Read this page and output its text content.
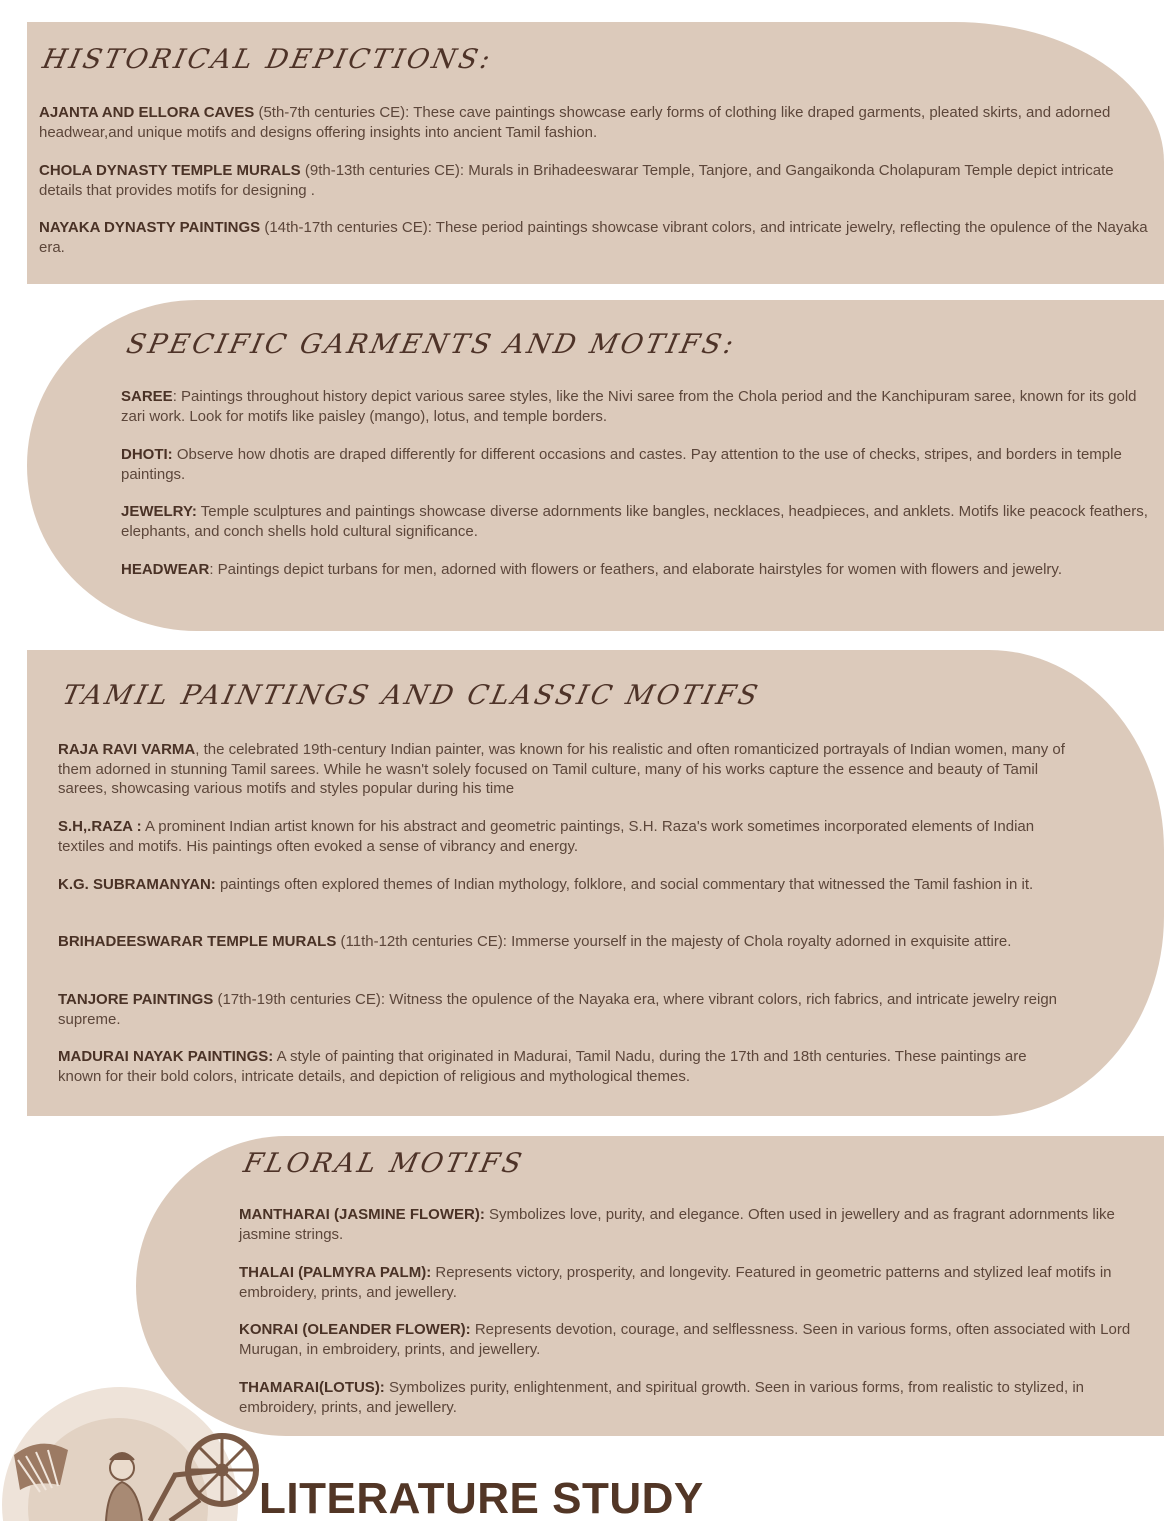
HISTORICAL DEPICTIONS:

AJANTA AND ELLORA CAVES (5th-7th centuries CE): These cave paintings showcase early forms of clothing like draped garments, pleated skirts, and adorned headwear,and unique motifs and designs offering insights into ancient Tamil fashion.

CHOLA DYNASTY TEMPLE MURALS (9th-13th centuries CE): Murals in Brihadeeswarar Temple, Tanjore, and Gangaikonda Cholapuram Temple depict intricate details that provides motifs for designing .

NAYAKA DYNASTY PAINTINGS (14th-17th centuries CE): These period paintings showcase vibrant colors, and intricate jewelry, reflecting the opulence of the Nayaka era.

SPECIFIC GARMENTS AND MOTIFS:

SAREE: Paintings throughout history depict various saree styles, like the Nivi saree from the Chola period and the Kanchipuram saree, known for its gold zari work. Look for motifs like paisley (mango), lotus, and temple borders.

DHOTI: Observe how dhotis are draped differently for different occasions and castes. Pay attention to the use of checks, stripes, and borders in temple paintings.

JEWELRY: Temple sculptures and paintings showcase diverse adornments like bangles, necklaces, headpieces, and anklets. Motifs like peacock feathers, elephants, and conch shells hold cultural significance.

HEADWEAR: Paintings depict turbans for men, adorned with flowers or feathers, and elaborate hairstyles for women with flowers and jewelry.

TAMIL PAINTINGS AND CLASSIC MOTIFS

RAJA RAVI VARMA, the celebrated 19th-century Indian painter, was known for his realistic and often romanticized portrayals of Indian women, many of them adorned in stunning Tamil sarees. While he wasn't solely focused on Tamil culture, many of his works capture the essence and beauty of Tamil sarees, showcasing various motifs and styles popular during his time

S.H,.RAZA : A prominent Indian artist known for his abstract and geometric paintings, S.H. Raza's work sometimes incorporated elements of Indian textiles and motifs. His paintings often evoked a sense of vibrancy and energy.

K.G. SUBRAMANYAN: paintings often explored themes of Indian mythology, folklore, and social commentary that witnessed the Tamil fashion in it.

BRIHADEESWARAR TEMPLE MURALS (11th-12th centuries CE): Immerse yourself in the majesty of Chola royalty adorned in exquisite attire.

TANJORE PAINTINGS (17th-19th centuries CE): Witness the opulence of the Nayaka era, where vibrant colors, rich fabrics, and intricate jewelry reign supreme.

MADURAI NAYAK PAINTINGS: A style of painting that originated in Madurai, Tamil Nadu, during the 17th and 18th centuries. These paintings are known for their bold colors, intricate details, and depiction of religious and mythological themes.

FLORAL MOTIFS

MANTHARAI (JASMINE FLOWER): Symbolizes love, purity, and elegance. Often used in jewellery and as fragrant adornments like jasmine strings.

THALAI (PALMYRA PALM): Represents victory, prosperity, and longevity. Featured in geometric patterns and stylized leaf motifs in embroidery, prints, and jewellery.

KONRAI (OLEANDER FLOWER): Represents devotion, courage, and selflessness. Seen in various forms, often associated with Lord Murugan, in embroidery, prints, and jewellery.

THAMARAI(LOTUS): Symbolizes purity, enlightenment, and spiritual growth. Seen in various forms, from realistic to stylized, in embroidery, prints, and jewellery.

LITERATURE STUDY
